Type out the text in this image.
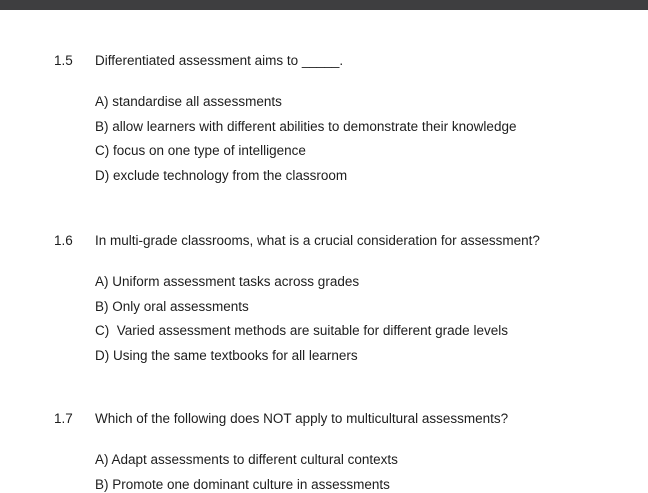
1.5	Differentiated assessment aims to _____.

A) standardise all assessments

B) allow learners with different abilities to demonstrate their knowledge

C) focus on one type of intelligence

D) exclude technology from the classroom

1.6	In multi-grade classrooms, what is a crucial consideration for assessment?

A) Uniform assessment tasks across grades

B) Only oral assessments

C)  Varied assessment methods are suitable for different grade levels

D) Using the same textbooks for all learners

1.7	Which of the following does NOT apply to multicultural assessments?

A) Adapt assessments to different cultural contexts

B) Promote one dominant culture in assessments
